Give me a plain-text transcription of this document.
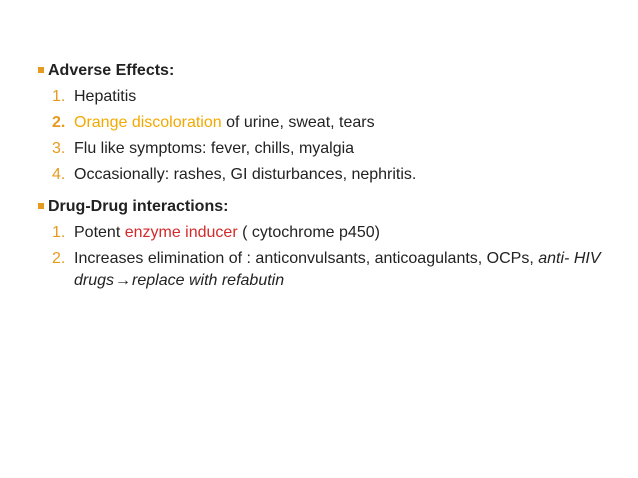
Adverse Effects:
1. Hepatitis
2. Orange discoloration of urine, sweat, tears
3. Flu like symptoms: fever, chills, myalgia
4. Occasionally: rashes, GI disturbances, nephritis.
Drug-Drug interactions:
1. Potent enzyme inducer ( cytochrome p450)
2. Increases elimination of : anticonvulsants, anticoagulants, OCPs, anti- HIV drugs→replace with refabutin
